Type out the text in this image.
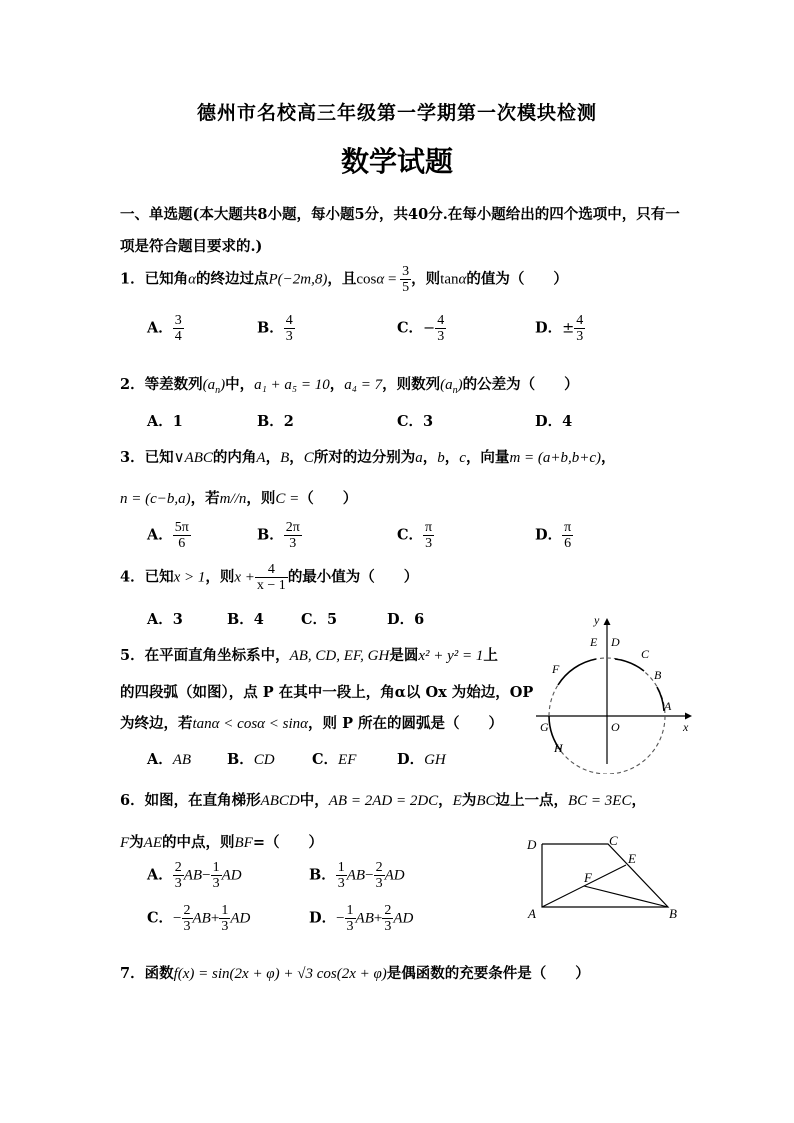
德州市名校高三年级第一学期第一次模块检测
数学试题
一、单选题(本大题共8小题，每小题5分，共40分.在每小题给出的四个选项中，只有一
项是符合题目要求的.)
1．已知角α的终边过点P(−2m,8)，且$\cos\alpha = \frac{3}{5}$ ，则tanα的值为（　　）
A． $\frac{3}{4}$	B． $\frac{4}{3}$	C．− $\frac{4}{3}$	D．± $\frac{4}{3}$
2．等差数列$(a_n)$中，a₁ + a₅ = 10，a₄ = 7，则数列$(a_n)$的公差为（　　）
A．1	B．2	C．3	D．4
3．已知∨ABC的内角A，B，C所对的边分别为a，b，c，向量m = (a+b,b+c)，
n = (c−b,a)，若m//n，则C =（　　）
A． $\frac{5\pi}{6}$	B． $\frac{2\pi}{3}$	C． $\frac{\pi}{3}$	D． $\frac{\pi}{6}$
4．已知x > 1，则$x + \frac{4}{x - 1}$ 的最小值为（　　）
A．3	B．4	C．5	D．6
5．在平面直角坐标系中，AB, CD, EF, GH是圆x² + y² = 1上
的四段弧（如图），点 P 在其中一段上，角α以 Ox 为始边，OP
为终边，若tanα < cosα < sinα，则 P 所在的圆弧是（　　）
A．AB B．CD	C．EF	D．GH
y
x
O
A
B
C
D
E
F
G
H
6．如图，在直角梯形ABCD中，AB = 2AD = 2DC，E为BC边上一点，BC = 3EC，
F为AE的中点，则BF=（　　）
A． $\frac{2}{3} AB- \frac{1}{3}$ AD	B． $\frac{1}{3} AB- \frac{2}{3}$ AD
C．− $\frac{2}{3} AB+ \frac{1}{3}$ AD	D．− $\frac{1}{3} AB+ \frac{2}{3}$ AD
D	C
E
F
A	B
7．函数f(x) = sin(2x + φ) + √3 cos(2x + φ)是偶函数的充要条件是（　　）
